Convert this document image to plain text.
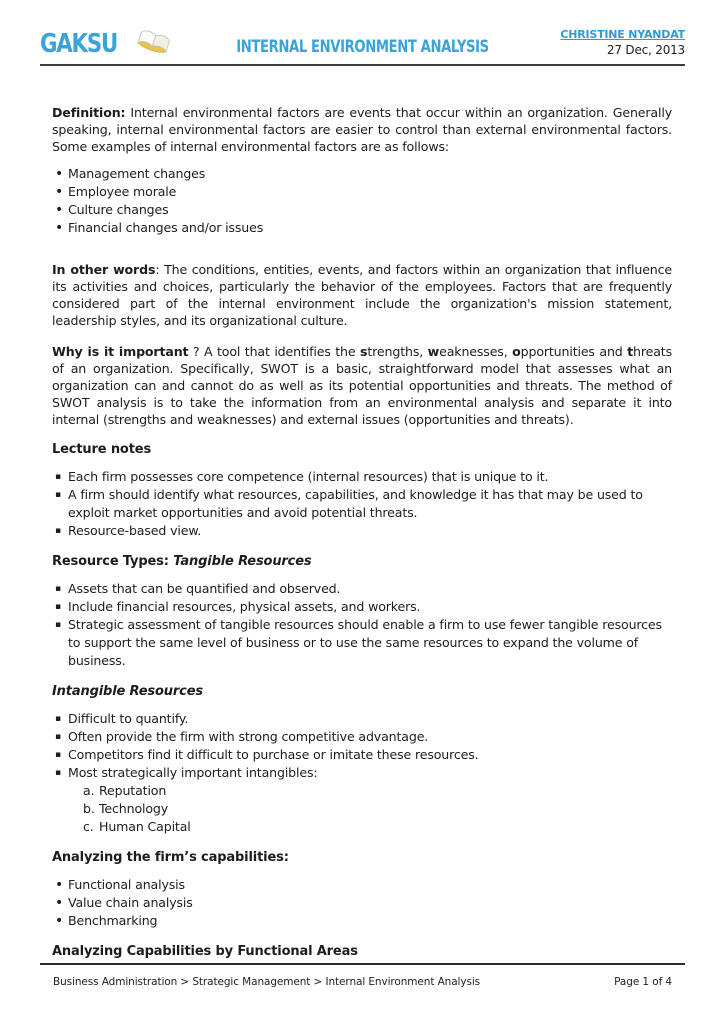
GAKSU	INTERNAL ENVIRONMENT ANALYSIS
CHRISTINE NYANDAT
27 Dec, 2013

Definition: Internal environmental factors are events that occur within an organization. Generally speaking, internal environmental factors are easier to control than external environmental factors. Some examples of internal environmental factors are as follows:

• Management changes
• Employee morale
• Culture changes
• Financial changes and/or issues

In other words: The conditions, entities, events, and factors within an organization that influence its activities and choices, particularly the behavior of the employees. Factors that are frequently considered part of the internal environment include the organization's mission statement, leadership styles, and its organizational culture.

Why is it important ? A tool that identifies the strengths, weaknesses, opportunities and threats of an organization. Specifically, SWOT is a basic, straightforward model that assesses what an organization can and cannot do as well as its potential opportunities and threats. The method of SWOT analysis is to take the information from an environmental analysis and separate it into internal (strengths and weaknesses) and external issues (opportunities and threats).

Lecture notes
▪ Each firm possesses core competence (internal resources) that is unique to it.
▪ A firm should identify what resources, capabilities, and knowledge it has that may be used to exploit market opportunities and avoid potential threats.
▪ Resource-based view.
Resource Types: Tangible Resources
▪ Assets that can be quantified and observed.
▪ Include financial resources, physical assets, and workers.
▪ Strategic assessment of tangible resources should enable a firm to use fewer tangible resources to support the same level of business or to use the same resources to expand the volume of business.
Intangible Resources
▪ Difficult to quantify.
▪ Often provide the firm with strong competitive advantage.
▪ Competitors find it difficult to purchase or imitate these resources.
▪ Most strategically important intangibles:
a. Reputation
b. Technology
c. Human Capital
Analyzing the firm’s capabilities:
• Functional analysis
• Value chain analysis
• Benchmarking
Analyzing Capabilities by Functional Areas
Business Administration > Strategic Management > Internal Environment Analysis	Page 1 of 4
